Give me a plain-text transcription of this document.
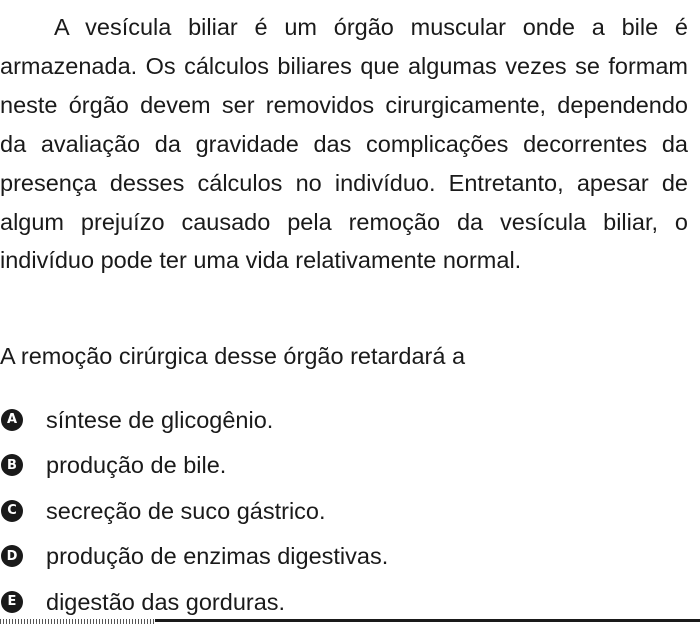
A vesícula biliar é um órgão muscular onde a bile é armazenada. Os cálculos biliares que algumas vezes se formam neste órgão devem ser removidos cirurgicamente, dependendo da avaliação da gravidade das complicações decorrentes da presença desses cálculos no indivíduo. Entretanto, apesar de algum prejuízo causado pela remoção da vesícula biliar, o indivíduo pode ter uma vida relativamente normal.

A remoção cirúrgica desse órgão retardará a

A síntese de glicogênio.
B produção de bile.
C secreção de suco gástrico.
D produção de enzimas digestivas.
E digestão das gorduras.
